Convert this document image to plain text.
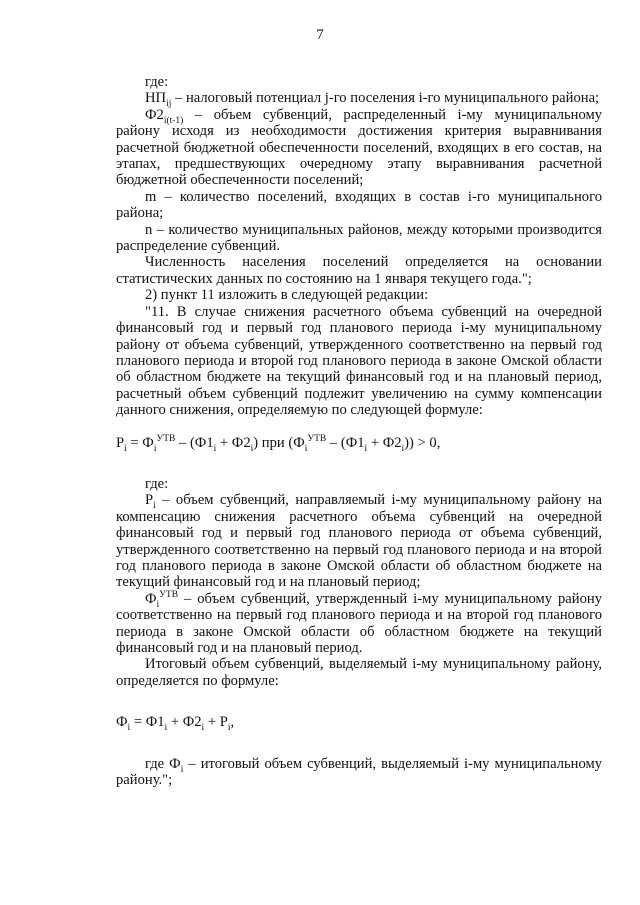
7

где:

$НП_{ij}$ – налоговый потенциал j-го поселения i-го муниципального района;

$Ф2_{i(t-1)}$ – объем субвенций, распределенный i-му муниципальному району исходя из необходимости достижения критерия выравнивания расчетной бюджетной обеспеченности поселений, входящих в его состав, на этапах, предшествующих очередному этапу выравнивания расчетной бюджетной обеспеченности поселений;

m – количество поселений, входящих в состав i-го муниципального района;

n – количество муниципальных районов, между которыми производится распределение субвенций.

Численность населения поселений определяется на основании статистических данных по состоянию на 1 января текущего года.";

2) пункт 11 изложить в следующей редакции:

"11. В случае снижения расчетного объема субвенций на очередной финансовый год и первый год планового периода i-му муниципальному району от объема субвенций, утвержденного соответственно на первый год планового периода и второй год планового периода в законе Омской области об областном бюджете на текущий финансовый год и на плановый период, расчетный объем субвенций подлежит увеличению на сумму компенсации данного снижения, определяемую по следующей формуле:

$P_i = Ф_i^{УТВ} - (Ф1_i + Ф2_i)$ при $(Ф_i^{УТВ} - (Ф1_i + Ф2_i)) > 0$,

где:

$P_i$ – объем субвенций, направляемый i-му муниципальному району на компенсацию снижения расчетного объема субвенций на очередной финансовый год и первый год планового периода от объема субвенций, утвержденного соответственно на первый год планового периода и на второй год планового периода в законе Омской области об областном бюджете на текущий финансовый год и на плановый период;

$Ф_i^{УТВ}$ – объем субвенций, утвержденный i-му муниципальному району соответственно на первый год планового периода и на второй год планового периода в законе Омской области об областном бюджете на текущий финансовый год и на плановый период.

Итоговый объем субвенций, выделяемый i-му муниципальному району, определяется по формуле:

$Ф_i = Ф1_i + Ф2_i + P_i$,

где $Ф_i$ – итоговый объем субвенций, выделяемый i-му муниципальному району.";
